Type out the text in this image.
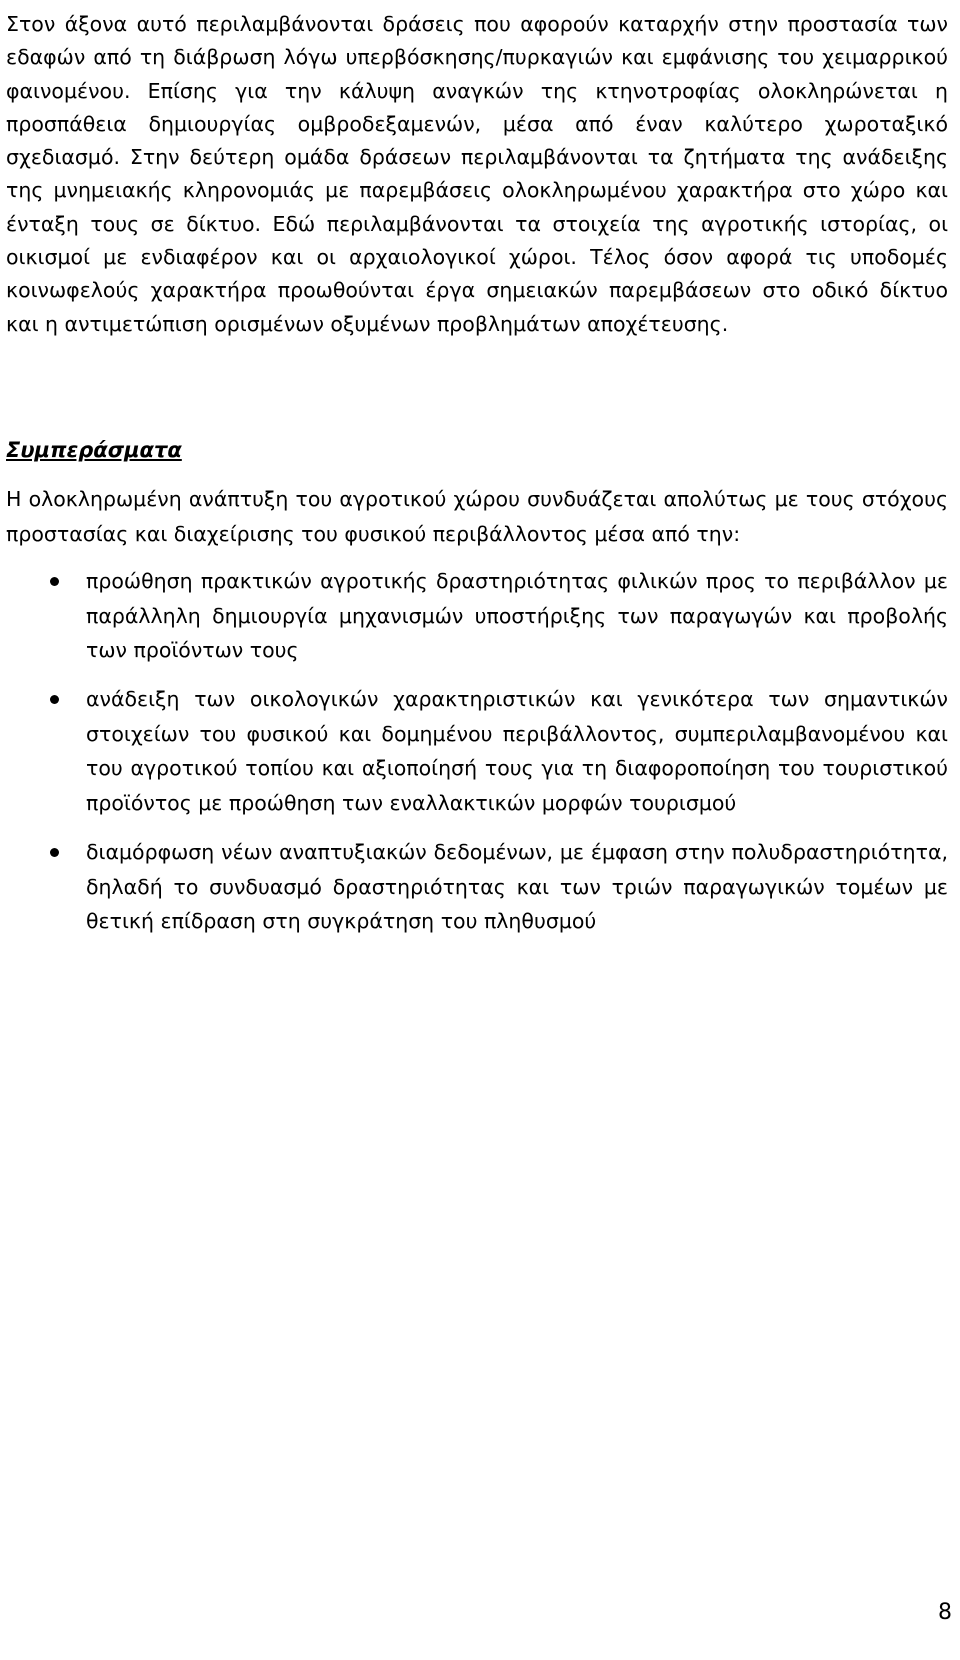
Στον άξονα αυτό περιλαμβάνονται δράσεις που αφορούν καταρχήν στην προστασία των εδαφών από τη διάβρωση λόγω υπερβόσκησης/πυρκαγιών και εμφάνισης του χειμαρρικού φαινομένου. Επίσης για την κάλυψη αναγκών της κτηνοτροφίας ολοκληρώνεται η προσπάθεια δημιουργίας ομβροδεξαμενών, μέσα από έναν καλύτερο χωροταξικό σχεδιασμό. Στην δεύτερη ομάδα δράσεων περιλαμβάνονται τα ζητήματα της ανάδειξης της μνημειακής κληρονομιάς με παρεμβάσεις ολοκληρωμένου χαρακτήρα στο χώρο και ένταξη τους σε δίκτυο. Εδώ περιλαμβάνονται τα στοιχεία της αγροτικής ιστορίας, οι οικισμοί με ενδιαφέρον και οι αρχαιολογικοί χώροι. Τέλος όσον αφορά τις υποδομές κοινωφελούς χαρακτήρα προωθούνται έργα σημειακών παρεμβάσεων στο οδικό δίκτυο και η αντιμετώπιση ορισμένων οξυμένων προβλημάτων αποχέτευσης.

Συμπεράσματα

Η ολοκληρωμένη ανάπτυξη του αγροτικού χώρου συνδυάζεται απολύτως με τους στόχους προστασίας και διαχείρισης του φυσικού περιβάλλοντος μέσα από την:

προώθηση πρακτικών αγροτικής δραστηριότητας φιλικών προς το περιβάλλον με παράλληλη δημιουργία μηχανισμών υποστήριξης των παραγωγών και προβολής των προϊόντων τους
ανάδειξη των οικολογικών χαρακτηριστικών και γενικότερα των σημαντικών στοιχείων του φυσικού και δομημένου περιβάλλοντος, συμπεριλαμβανομένου και του αγροτικού τοπίου και αξιοποίησή τους για τη διαφοροποίηση του τουριστικού προϊόντος με προώθηση των εναλλακτικών μορφών τουρισμού
διαμόρφωση νέων αναπτυξιακών δεδομένων, με έμφαση στην πολυδραστηριότητα, δηλαδή το συνδυασμό δραστηριότητας και των τριών παραγωγικών τομέων με θετική επίδραση στη συγκράτηση του πληθυσμού
8
